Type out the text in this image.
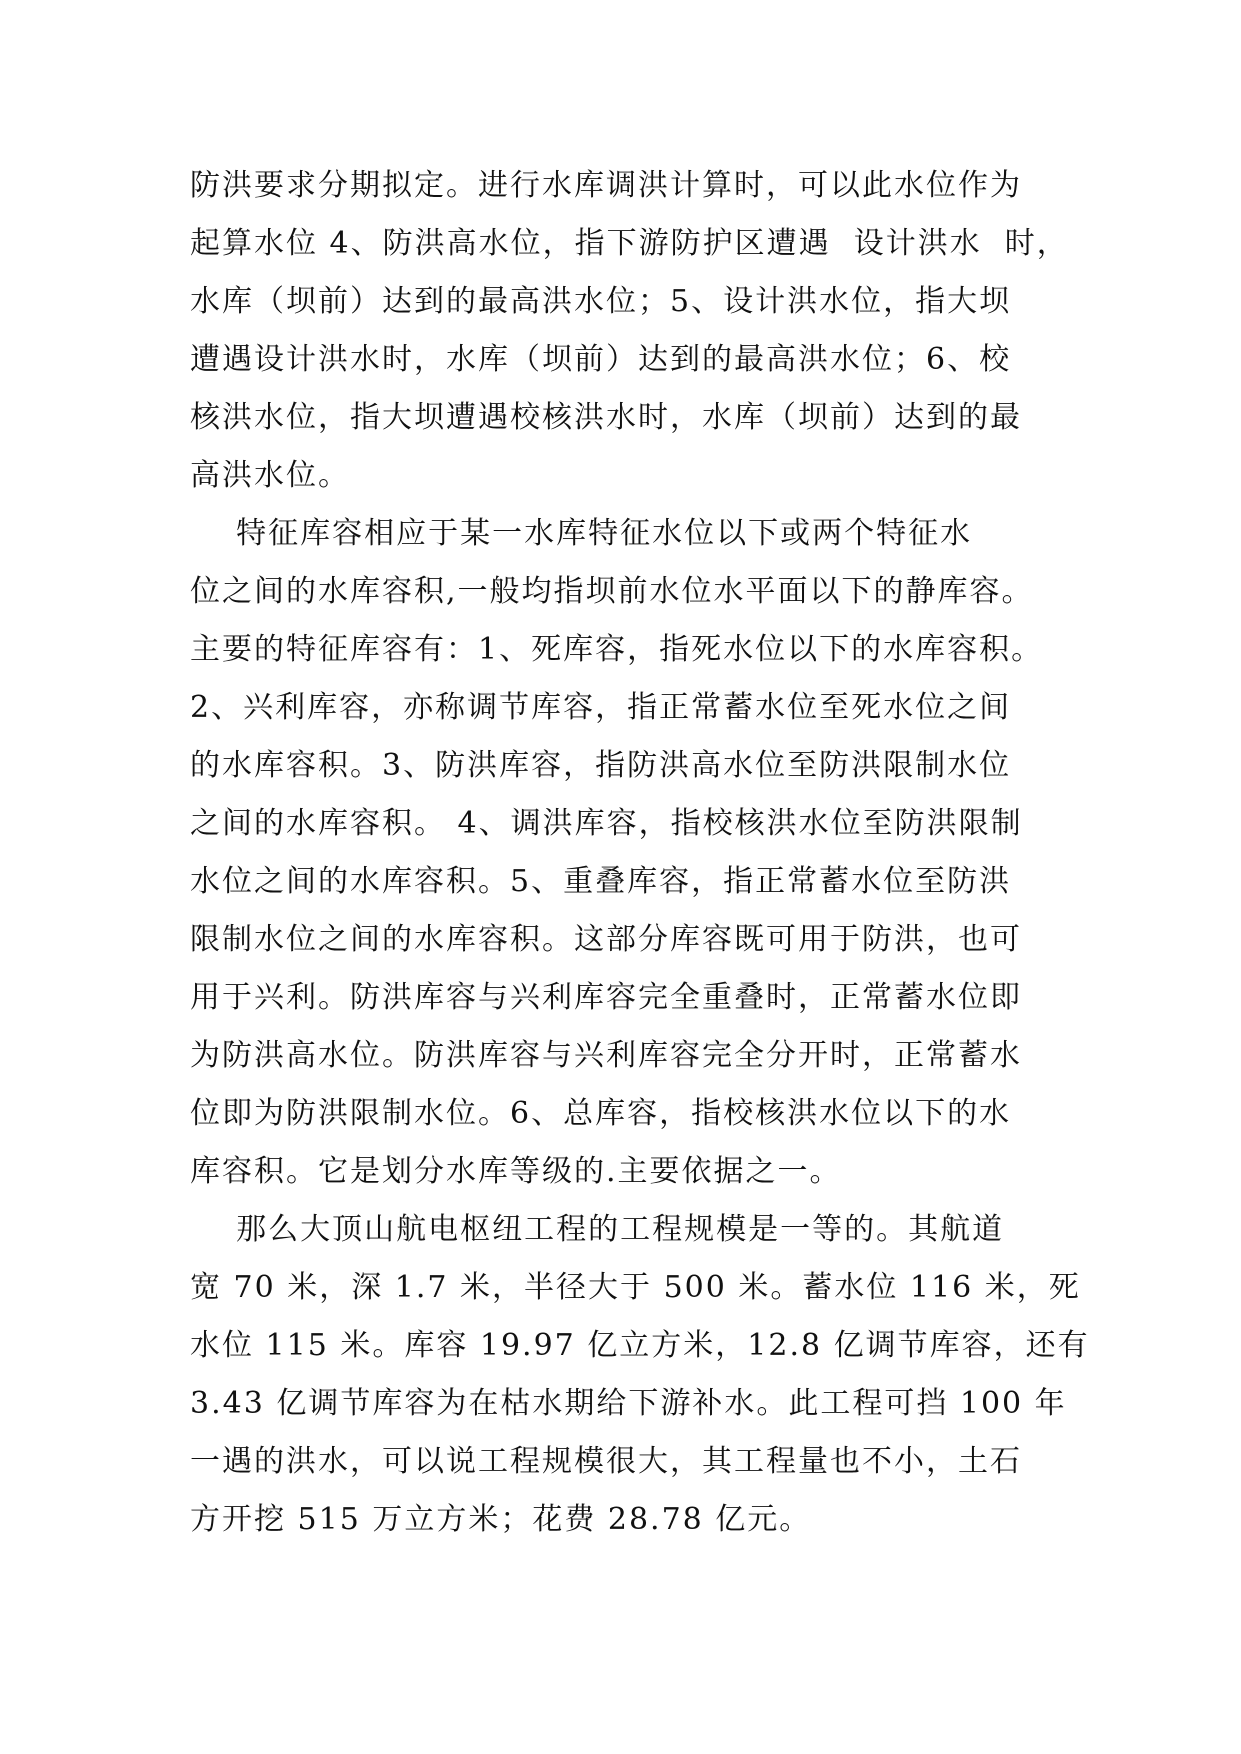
防洪要求分期拟定。进行水库调洪计算时，可以此水位作为
起算水位 4、防洪高水位，指下游防护区遭遇  设计洪水  时，
水库（坝前）达到的最高洪水位；5、设计洪水位，指大坝
遭遇设计洪水时，水库（坝前）达到的最高洪水位；6、校
核洪水位，指大坝遭遇校核洪水时，水库（坝前）达到的最
高洪水位。
特征库容相应于某一水库特征水位以下或两个特征水
位之间的水库容积,一般均指坝前水位水平面以下的静库容。
主要的特征库容有：1、死库容，指死水位以下的水库容积。
2、兴利库容，亦称调节库容，指正常蓄水位至死水位之间
的水库容积。3、防洪库容，指防洪高水位至防洪限制水位
之间的水库容积。 4、调洪库容，指校核洪水位至防洪限制
水位之间的水库容积。5、重叠库容，指正常蓄水位至防洪
限制水位之间的水库容积。这部分库容既可用于防洪，也可
用于兴利。防洪库容与兴利库容完全重叠时，正常蓄水位即
为防洪高水位。防洪库容与兴利库容完全分开时，正常蓄水
位即为防洪限制水位。6、总库容，指校核洪水位以下的水
库容积。它是划分水库等级的.主要依据之一。
那么大顶山航电枢纽工程的工程规模是一等的。其航道
宽 70 米，深 1.7 米，半径大于 500 米。蓄水位 116 米，死
水位 115 米。库容 19.97 亿立方米，12.8 亿调节库容，还有
3.43 亿调节库容为在枯水期给下游补水。此工程可挡 100 年
一遇的洪水，可以说工程规模很大，其工程量也不小，土石
方开挖 515 万立方米；花费 28.78 亿元。
